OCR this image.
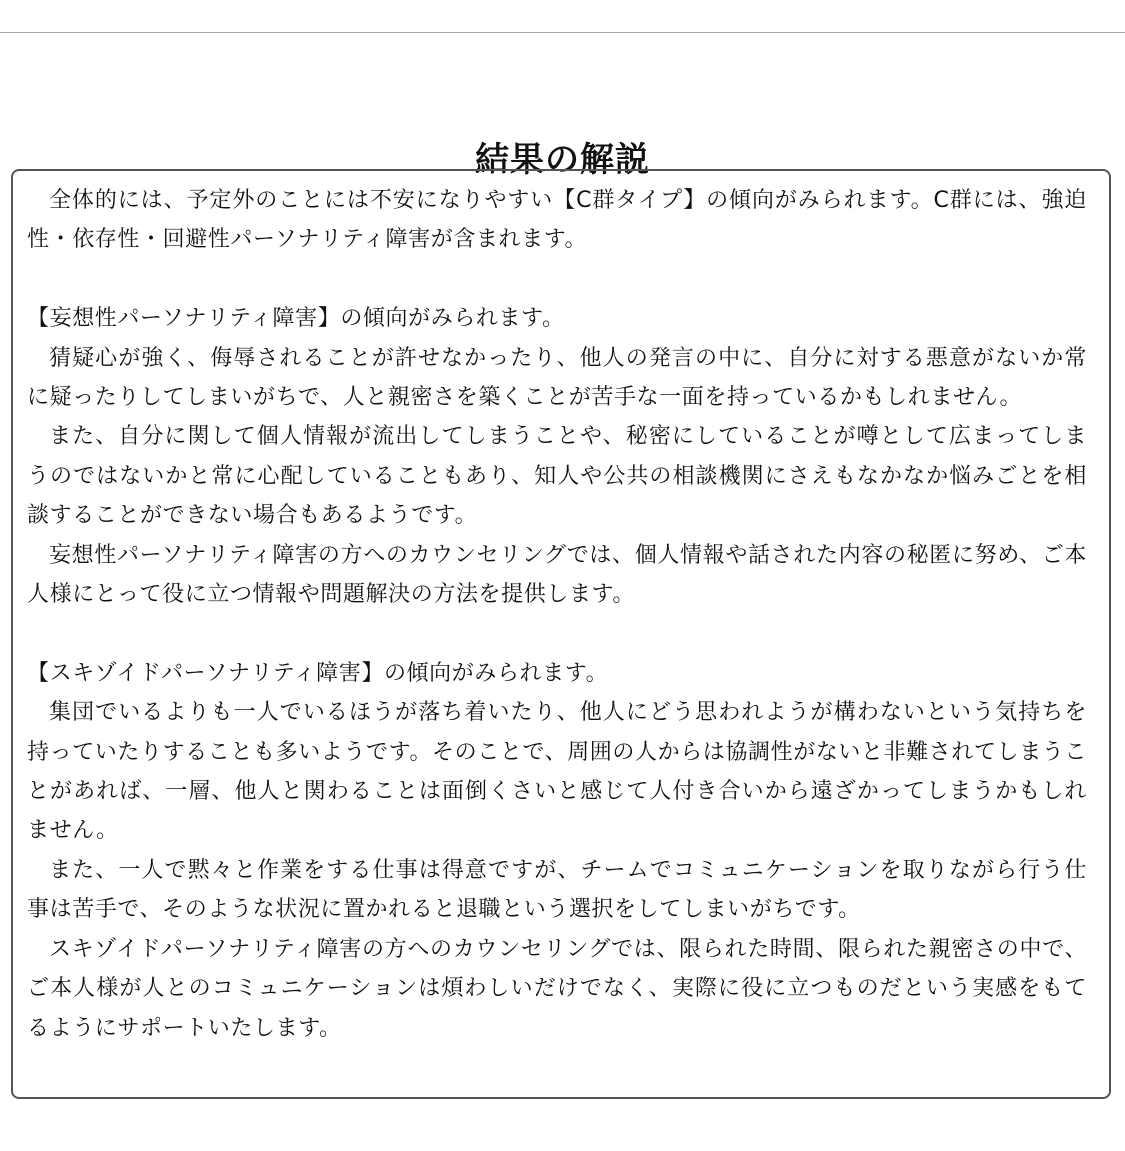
結果の解説

全体的には、予定外のことには不安になりやすい【C群タイプ】の傾向がみられます。C群には、強迫性・依存性・回避性パーソナリティ障害が含まれます。

【妄想性パーソナリティ障害】の傾向がみられます。

猜疑心が強く、侮辱されることが許せなかったり、他人の発言の中に、自分に対する悪意がないか常に疑ったりしてしまいがちで、人と親密さを築くことが苦手な一面を持っているかもしれません。

また、自分に関して個人情報が流出してしまうことや、秘密にしていることが噂として広まってしまうのではないかと常に心配していることもあり、知人や公共の相談機関にさえもなかなか悩みごとを相談することができない場合もあるようです。

妄想性パーソナリティ障害の方へのカウンセリングでは、個人情報や話された内容の秘匿に努め、ご本人様にとって役に立つ情報や問題解決の方法を提供します。

【スキゾイドパーソナリティ障害】の傾向がみられます。

集団でいるよりも一人でいるほうが落ち着いたり、他人にどう思われようが構わないという気持ちを持っていたりすることも多いようです。そのことで、周囲の人からは協調性がないと非難されてしまうことがあれば、一層、他人と関わることは面倒くさいと感じて人付き合いから遠ざかってしまうかもしれません。

また、一人で黙々と作業をする仕事は得意ですが、チームでコミュニケーションを取りながら行う仕事は苦手で、そのような状況に置かれると退職という選択をしてしまいがちです。

スキゾイドパーソナリティ障害の方へのカウンセリングでは、限られた時間、限られた親密さの中で、ご本人様が人とのコミュニケーションは煩わしいだけでなく、実際に役に立つものだという実感をもてるようにサポートいたします。
